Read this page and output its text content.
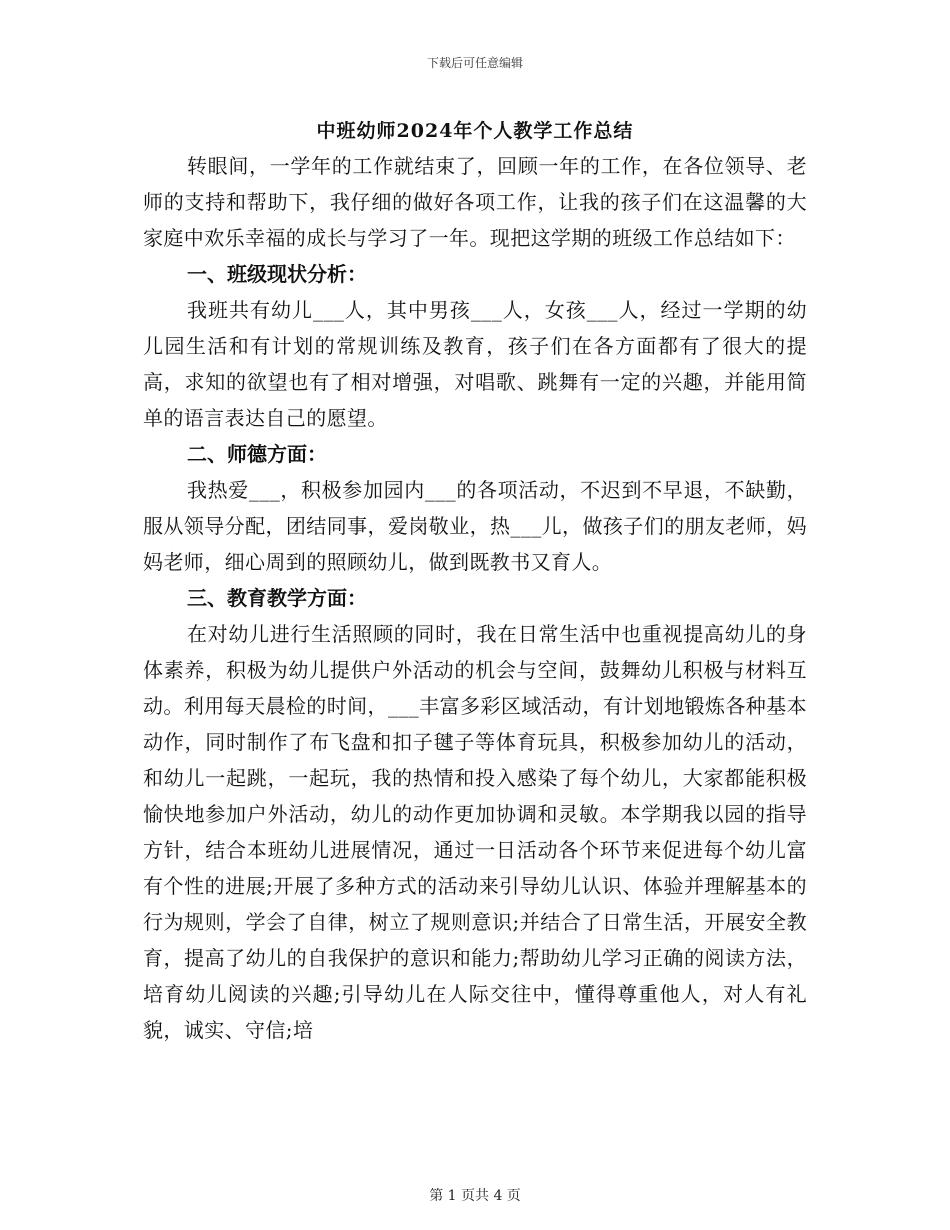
下载后可任意编辑
中班幼师2024年个人教学工作总结

转眼间，一学年的工作就结束了，回顾一年的工作，在各位领导、老师的支持和帮助下，我仔细的做好各项工作，让我的孩子们在这温馨的大家庭中欢乐幸福的成长与学习了一年。现把这学期的班级工作总结如下：

一、班级现状分析：

我班共有幼儿___人，其中男孩___人，女孩___人，经过一学期的幼儿园生活和有计划的常规训练及教育，孩子们在各方面都有了很大的提高，求知的欲望也有了相对增强，对唱歌、跳舞有一定的兴趣，并能用简单的语言表达自己的愿望。

二、师德方面：

我热爱___，积极参加园内___的各项活动，不迟到不早退，不缺勤，服从领导分配，团结同事，爱岗敬业，热___儿，做孩子们的朋友老师，妈妈老师，细心周到的照顾幼儿，做到既教书又育人。

三、教育教学方面：

在对幼儿进行生活照顾的同时，我在日常生活中也重视提高幼儿的身体素养，积极为幼儿提供户外活动的机会与空间，鼓舞幼儿积极与材料互动。利用每天晨检的时间，___丰富多彩区域活动，有计划地锻炼各种基本动作，同时制作了布飞盘和扣子毽子等体育玩具，积极参加幼儿的活动，和幼儿一起跳，一起玩，我的热情和投入感染了每个幼儿，大家都能积极愉快地参加户外活动，幼儿的动作更加协调和灵敏。本学期我以园的指导方针，结合本班幼儿进展情况，通过一日活动各个环节来促进每个幼儿富有个性的进展;开展了多种方式的活动来引导幼儿认识、体验并理解基本的行为规则，学会了自律，树立了规则意识;并结合了日常生活，开展安全教育，提高了幼儿的自我保护的意识和能力;帮助幼儿学习正确的阅读方法，培育幼儿阅读的兴趣;引导幼儿在人际交往中，懂得尊重他人，对人有礼貌，诚实、守信;培

第 1 页共 4 页
